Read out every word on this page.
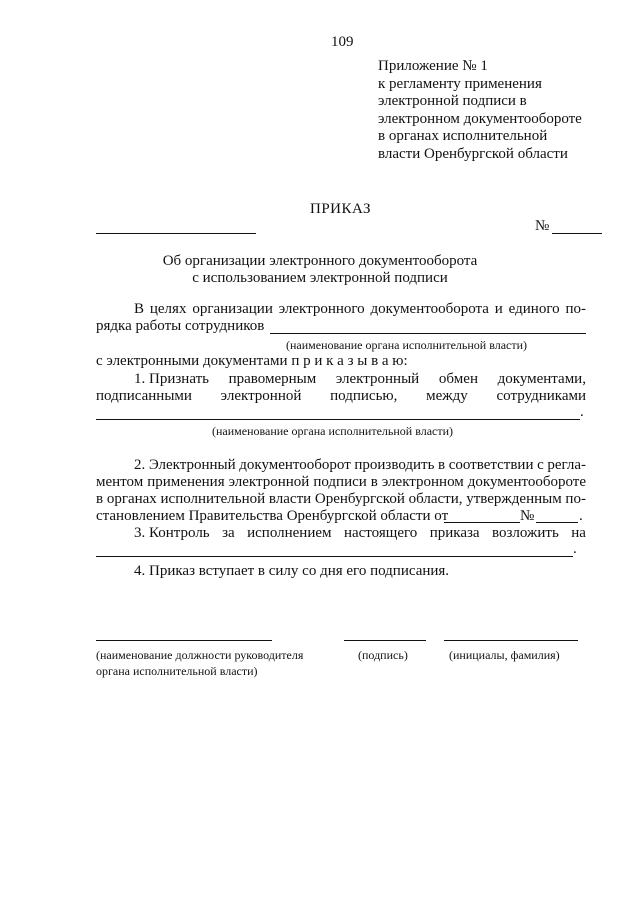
109
Приложение № 1
к регламенту применения
электронной подписи в
электронном документообороте
в органах исполнительной
власти Оренбургской области
ПРИКАЗ
№
Об организации электронного документооборота
с использованием электронной подписи
В целях организации электронного документооборота и единого по-
рядка работы сотрудников
(наименование органа исполнительной власти)
с электронными документами п р и к а з ы в а ю:
1. Признать правомерным электронный обмен документами,
подписанными электронной подписью, между сотрудниками
.
(наименование органа исполнительной власти)
2. Электронный документооборот производить в соответствии с регла-
ментом применения электронной подписи в электронном документообороте
в органах исполнительной власти Оренбургской области, утвержденным по-
становлением Правительства Оренбургской области от	№	.
3. Контроль за исполнением настоящего приказа возложить на
.
4. Приказ вступает в силу со дня его подписания.
(наименование должности руководителя
органа исполнительной власти)
(подпись)	(инициалы, фамилия)
